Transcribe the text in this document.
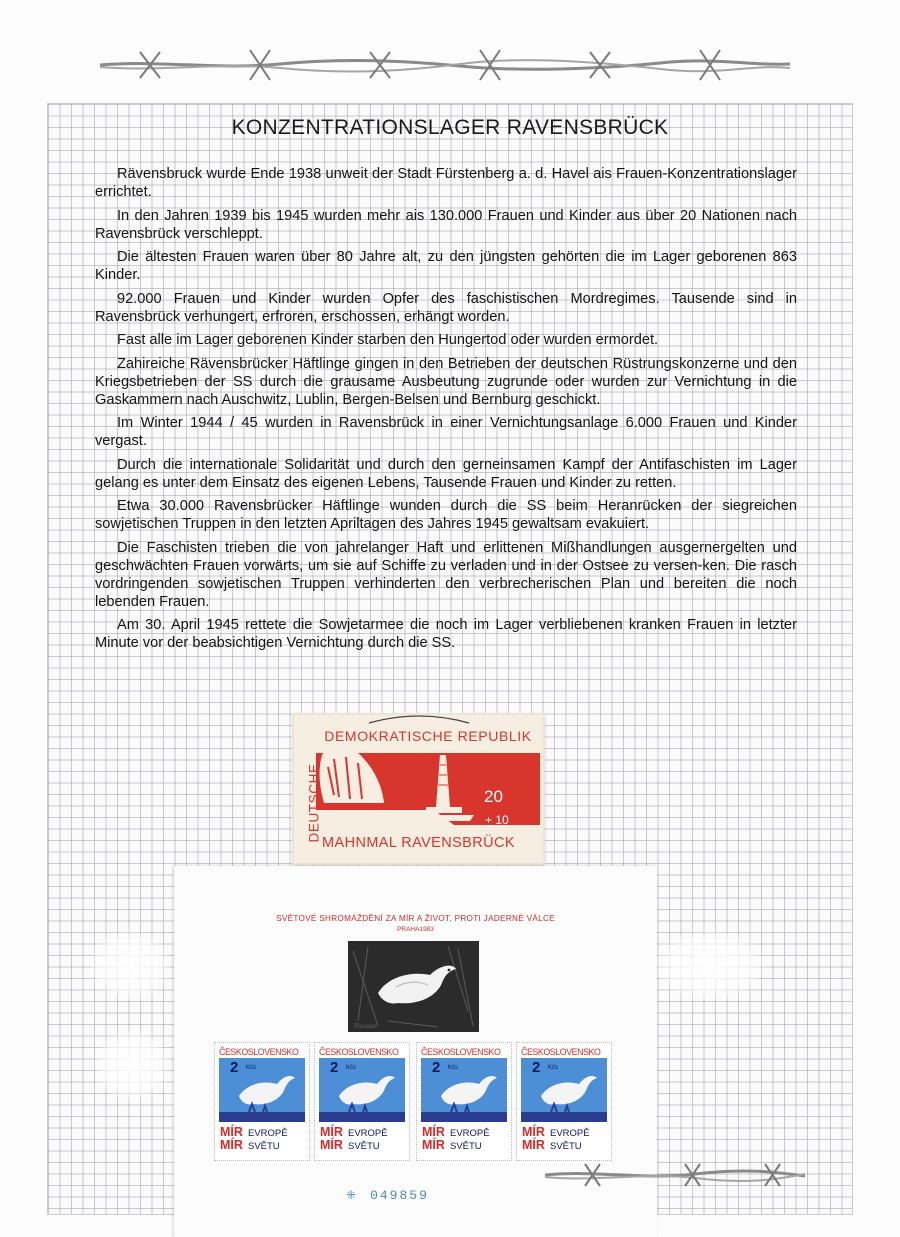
KONZENTRATIONSLAGER RAVENSBRÜCK

Rävensbruck wurde Ende 1938 unweit der Stadt Fürstenberg a. d. Havel ais Frauen-Konzentrationslager errichtet.

In den Jahren 1939 bis 1945 wurden mehr ais 130.000 Frauen und Kinder aus über 20 Nationen nach Ravensbrück verschleppt.

Die ältesten Frauen waren über 80 Jahre alt, zu den jüngsten gehörten die im Lager geborenen 863 Kinder.

92.000 Frauen und Kinder wurden Opfer des faschistischen Mordregimes. Tausende sind in Ravensbrück verhungert, erfroren, erschossen, erhängt worden.

Fast alle im Lager geborenen Kinder starben den Hungertod oder wurden ermordet.

Zahireiche Rävensbrücker Häftlinge gingen in den Betrieben der deutschen Rüstrungskonzerne und den Kriegsbetrieben der SS durch die grausame Ausbeutung zugrunde oder wurden zur Vernichtung in die Gaskammern nach Auschwitz, Lublin, Bergen-Belsen und Bernburg geschickt.

Im Winter 1944 / 45 wurden in Ravensbrück in einer Vernichtungsanlage 6.000 Frauen und Kinder vergast.

Durch die internationale Solidarität und durch den gerneinsamen Kampf der Antifaschisten im Lager gelang es unter dem Einsatz des eigenen Lebens, Tausende Frauen und Kinder zu retten.

Etwa 30.000 Ravensbrücker Häftlinge wunden durch die SS beim Heranrücken der siegreichen sowjetischen Truppen in den letzten Apriltagen des Jahres 1945 gewaltsam evakuiert.

Die Faschisten trieben die von jahrelanger Haft und erlittenen Mißhandlungen ausgernergelten und geschwächten Frauen vorwärts, um sie auf Schiffe zu verladen und in der Ostsee zu versen-ken. Die rasch vordringenden sowjetischen Truppen verhinderten den verbrecherischen Plan und bereiten die noch lebenden Frauen.

Am 30. April 1945 rettete die Sowjetarmee die noch im Lager verbliebenen kranken Frauen in letzter Minute vor der beabsichtigen Vernichtung durch die SS.

DEMOKRATISCHE REPUBLIK
DEUTSCHE	20
+ 10
MAHNMAL RAVENSBRÜCK
SVĚTOVÉ SHROMÁŽDĚNÍ ZA MÍR A ŽIVOT, PROTI JADERNÉ VÁLCE
PRAHA1983
Picasso
ČESKOSLOVENSKO
2 Kčs
MÍR EVROPĚ
MÍR SVĚTU
ČESKOSLOVENSKO
2 Kčs
MÍR EVROPĚ
MÍR SVĚTU
ČESKOSLOVENSKO
2 Kčs
MÍR EVROPĚ
MÍR SVĚTU
ČESKOSLOVENSKO
2 Kčs
MÍR EVROPĚ
MÍR SVĚTU
⁜ 049859
